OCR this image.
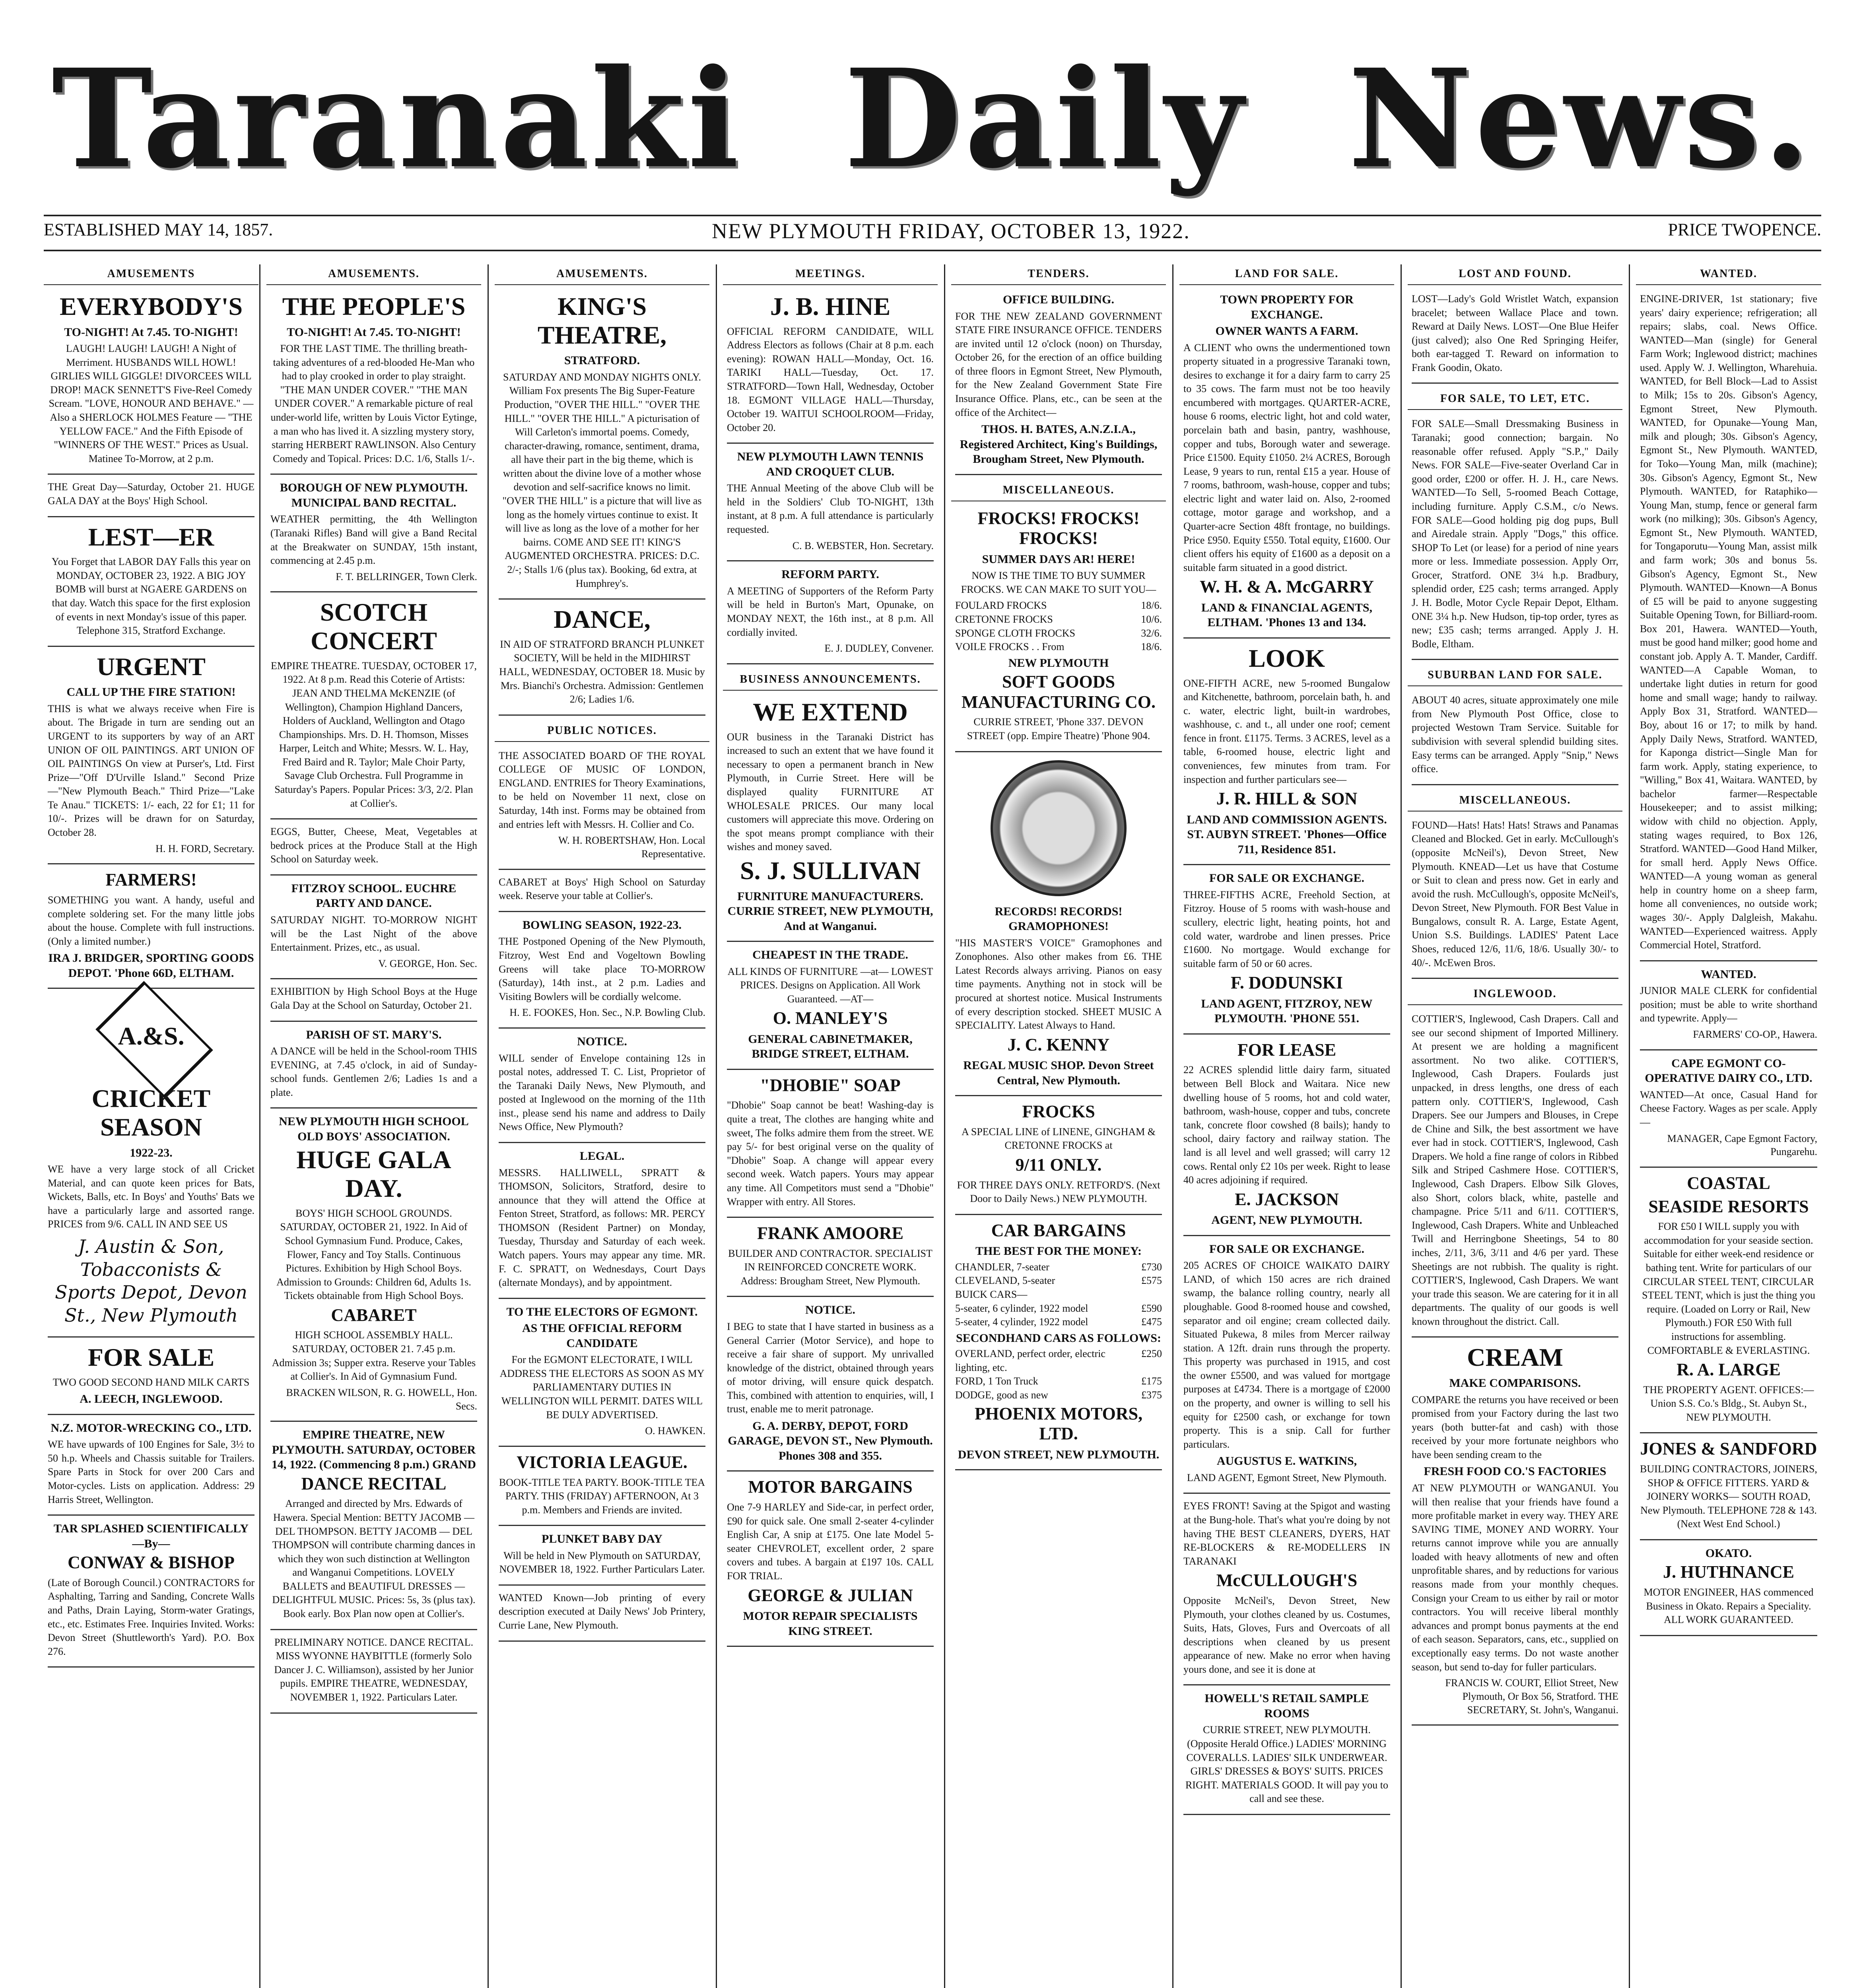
Taranaki Daily News.
ESTABLISHED MAY 14, 1857.	NEW PLYMOUTH FRIDAY, OCTOBER 13, 1922.	PRICE TWOPENCE.
AMUSEMENTS
EVERYBODY'S
TO-NIGHT! At 7.45. TO-NIGHT!

LAUGH! LAUGH! LAUGH! A Night of Merriment. HUSBANDS WILL HOWL! GIRLIES WILL GIGGLE! DIVORCEES WILL DROP! MACK SENNETT'S Five-Reel Comedy Scream. "LOVE, HONOUR AND BEHAVE." — Also a SHERLOCK HOLMES Feature — "THE YELLOW FACE." And the Fifth Episode of "WINNERS OF THE WEST." Prices as Usual. Matinee To-Morrow, at 2 p.m.

THE Great Day—Saturday, October 21. HUGE GALA DAY at the Boys' High School.

LEST—ER

You Forget that LABOR DAY Falls this year on MONDAY, OCTOBER 23, 1922. A BIG JOY BOMB will burst at NGAERE GARDENS on that day. Watch this space for the first explosion of events in next Monday's issue of this paper. Telephone 315, Stratford Exchange.

URGENT
CALL UP THE FIRE STATION!

THIS is what we always receive when Fire is about. The Brigade in turn are sending out an URGENT to its supporters by way of an ART UNION OF OIL PAINTINGS. ART UNION OF OIL PAINTINGS On view at Purser's, Ltd. First Prize—"Off D'Urville Island." Second Prize—"New Plymouth Beach." Third Prize—"Lake Te Anau." TICKETS: 1/- each, 22 for £1; 11 for 10/-. Prizes will be drawn for on Saturday, October 28.

H. H. FORD, Secretary.
FARMERS!

SOMETHING you want. A handy, useful and complete soldering set. For the many little jobs about the house. Complete with full instructions. (Only a limited number.)

IRA J. BRIDGER, SPORTING GOODS DEPOT. 'Phone 66D, ELTHAM.
A.&S.
CRICKET SEASON
1922-23.

WE have a very large stock of all Cricket Material, and can quote keen prices for Bats, Wickets, Balls, etc. In Boys' and Youths' Bats we have a particularly large and assorted range. PRICES from 9/6. CALL IN AND SEE US

J. Austin & Son, Tobacconists & Sports Depot, Devon St., New Plymouth
FOR SALE

TWO GOOD SECOND HAND MILK CARTS

A. LEECH, INGLEWOOD.
N.Z. MOTOR-WRECKING CO., LTD.

WE have upwards of 100 Engines for Sale, 3½ to 50 h.p. Wheels and Chassis suitable for Trailers. Spare Parts in Stock for over 200 Cars and Motor-cycles. Lists on application. Address: 29 Harris Street, Wellington.

TAR SPLASHED SCIENTIFICALLY —By—
CONWAY & BISHOP

(Late of Borough Council.) CONTRACTORS for Asphalting, Tarring and Sanding, Concrete Walls and Paths, Drain Laying, Storm-water Gratings, etc., etc. Estimates Free. Inquiries Invited. Works: Devon Street (Shuttleworth's Yard). P.O. Box 276.

AMUSEMENTS.
THE PEOPLE'S
TO-NIGHT! At 7.45. TO-NIGHT!

FOR THE LAST TIME. The thrilling breath-taking adventures of a red-blooded He-Man who had to play crooked in order to play straight. "THE MAN UNDER COVER." "THE MAN UNDER COVER." A remarkable picture of real under-world life, written by Louis Victor Eytinge, a man who has lived it. A sizzling mystery story, starring HERBERT RAWLINSON. Also Century Comedy and Topical. Prices: D.C. 1/6, Stalls 1/-.

BOROUGH OF NEW PLYMOUTH. MUNICIPAL BAND RECITAL.

WEATHER permitting, the 4th Wellington (Taranaki Rifles) Band will give a Band Recital at the Breakwater on SUNDAY, 15th instant, commencing at 2.45 p.m.

F. T. BELLRINGER, Town Clerk.
SCOTCH CONCERT

EMPIRE THEATRE. TUESDAY, OCTOBER 17, 1922. At 8 p.m. Read this Coterie of Artists: JEAN AND THELMA McKENZIE (of Wellington), Champion Highland Dancers, Holders of Auckland, Wellington and Otago Championships. Mrs. D. H. Thomson, Misses Harper, Leitch and White; Messrs. W. L. Hay, Fred Baird and R. Taylor; Male Choir Party, Savage Club Orchestra. Full Programme in Saturday's Papers. Popular Prices: 3/3, 2/2. Plan at Collier's.

EGGS, Butter, Cheese, Meat, Vegetables at bedrock prices at the Produce Stall at the High School on Saturday week.

FITZROY SCHOOL. EUCHRE PARTY AND DANCE.

SATURDAY NIGHT. TO-MORROW NIGHT will be the Last Night of the above Entertainment. Prizes, etc., as usual.

V. GEORGE, Hon. Sec.

EXHIBITION by High School Boys at the Huge Gala Day at the School on Saturday, October 21.

PARISH OF ST. MARY'S.

A DANCE will be held in the School-room THIS EVENING, at 7.45 o'clock, in aid of Sunday-school funds. Gentlemen 2/6; Ladies 1s and a plate.

NEW PLYMOUTH HIGH SCHOOL OLD BOYS' ASSOCIATION.
HUGE GALA DAY.

BOYS' HIGH SCHOOL GROUNDS. SATURDAY, OCTOBER 21, 1922. In Aid of School Gymnasium Fund. Produce, Cakes, Flower, Fancy and Toy Stalls. Continuous Pictures. Exhibition by High School Boys. Admission to Grounds: Children 6d, Adults 1s. Tickets obtainable from High School Boys.

CABARET

HIGH SCHOOL ASSEMBLY HALL. SATURDAY, OCTOBER 21. 7.45 p.m. Admission 3s; Supper extra. Reserve your Tables at Collier's. In Aid of Gymnasium Fund.

BRACKEN WILSON, R. G. HOWELL, Hon. Secs.
EMPIRE THEATRE, NEW PLYMOUTH. SATURDAY, OCTOBER 14, 1922. (Commencing 8 p.m.) GRAND
DANCE RECITAL

Arranged and directed by Mrs. Edwards of Hawera. Special Mention: BETTY JACOMB — DEL THOMPSON. BETTY JACOMB — DEL THOMPSON will contribute charming dances in which they won such distinction at Wellington and Wanganui Competitions. LOVELY BALLETS and BEAUTIFUL DRESSES — DELIGHTFUL MUSIC. Prices: 5s, 3s (plus tax). Book early. Box Plan now open at Collier's.

PRELIMINARY NOTICE. DANCE RECITAL. MISS WYONNE HAYBITTLE (formerly Solo Dancer J. C. Williamson), assisted by her Junior pupils. EMPIRE THEATRE, WEDNESDAY, NOVEMBER 1, 1922. Particulars Later.

AMUSEMENTS.
KING'S THEATRE,
STRATFORD.

SATURDAY AND MONDAY NIGHTS ONLY. William Fox presents The Big Super-Feature Production, "OVER THE HILL." "OVER THE HILL." "OVER THE HILL." A picturisation of Will Carleton's immortal poems. Comedy, character-drawing, romance, sentiment, drama, all have their part in the big theme, which is written about the divine love of a mother whose devotion and self-sacrifice knows no limit. "OVER THE HILL" is a picture that will live as long as the homely virtues continue to exist. It will live as long as the love of a mother for her bairns. COME AND SEE IT! KING'S AUGMENTED ORCHESTRA. PRICES: D.C. 2/-; Stalls 1/6 (plus tax). Booking, 6d extra, at Humphrey's.

DANCE,

IN AID OF STRATFORD BRANCH PLUNKET SOCIETY, Will be held in the MIDHIRST HALL, WEDNESDAY, OCTOBER 18. Music by Mrs. Bianchi's Orchestra. Admission: Gentlemen 2/6; Ladies 1/6.

PUBLIC NOTICES.

THE ASSOCIATED BOARD OF THE ROYAL COLLEGE OF MUSIC OF LONDON, ENGLAND. ENTRIES for Theory Examinations, to be held on November 11 next, close on Saturday, 14th inst. Forms may be obtained from and entries left with Messrs. H. Collier and Co.

W. H. ROBERTSHAW, Hon. Local Representative.

CABARET at Boys' High School on Saturday week. Reserve your table at Collier's.

BOWLING SEASON, 1922-23.

THE Postponed Opening of the New Plymouth, Fitzroy, West End and Vogeltown Bowling Greens will take place TO-MORROW (Saturday), 14th inst., at 2 p.m. Ladies and Visiting Bowlers will be cordially welcome.

H. E. FOOKES, Hon. Sec., N.P. Bowling Club.
NOTICE.

WILL sender of Envelope containing 12s in postal notes, addressed T. C. List, Proprietor of the Taranaki Daily News, New Plymouth, and posted at Inglewood on the morning of the 11th inst., please send his name and address to Daily News Office, New Plymouth?

LEGAL.

MESSRS. HALLIWELL, SPRATT & THOMSON, Solicitors, Stratford, desire to announce that they will attend the Office at Fenton Street, Stratford, as follows: MR. PERCY THOMSON (Resident Partner) on Monday, Tuesday, Thursday and Saturday of each week. Watch papers. Yours may appear any time. MR. F. C. SPRATT, on Wednesdays, Court Days (alternate Mondays), and by appointment.

TO THE ELECTORS OF EGMONT.
AS THE OFFICIAL REFORM CANDIDATE

For the EGMONT ELECTORATE, I WILL ADDRESS THE ELECTORS AS SOON AS MY PARLIAMENTARY DUTIES IN WELLINGTON WILL PERMIT. DATES WILL BE DULY ADVERTISED.

O. HAWKEN.
VICTORIA LEAGUE.

BOOK-TITLE TEA PARTY. BOOK-TITLE TEA PARTY. THIS (FRIDAY) AFTERNOON, At 3 p.m. Members and Friends are invited.

PLUNKET BABY DAY

Will be held in New Plymouth on SATURDAY, NOVEMBER 18, 1922. Further Particulars Later.

WANTED Known—Job printing of every description executed at Daily News' Job Printery, Currie Lane, New Plymouth.

MEETINGS.
J. B. HINE

OFFICIAL REFORM CANDIDATE, WILL Address Electors as follows (Chair at 8 p.m. each evening): ROWAN HALL—Monday, Oct. 16. TARIKI HALL—Tuesday, Oct. 17. STRATFORD—Town Hall, Wednesday, October 18. EGMONT VILLAGE HALL—Thursday, October 19. WAITUI SCHOOLROOM—Friday, October 20.

NEW PLYMOUTH LAWN TENNIS AND CROQUET CLUB.

THE Annual Meeting of the above Club will be held in the Soldiers' Club TO-NIGHT, 13th instant, at 8 p.m. A full attendance is particularly requested.

C. B. WEBSTER, Hon. Secretary.
REFORM PARTY.

A MEETING of Supporters of the Reform Party will be held in Burton's Mart, Opunake, on MONDAY NEXT, the 16th inst., at 8 p.m. All cordially invited.

E. J. DUDLEY, Convener.
BUSINESS ANNOUNCEMENTS.
WE EXTEND

OUR business in the Taranaki District has increased to such an extent that we have found it necessary to open a permanent branch in New Plymouth, in Currie Street. Here will be displayed quality FURNITURE AT WHOLESALE PRICES. Our many local customers will appreciate this move. Ordering on the spot means prompt compliance with their wishes and money saved.

S. J. SULLIVAN
FURNITURE MANUFACTURERS. CURRIE STREET, NEW PLYMOUTH, And at Wanganui.
CHEAPEST IN THE TRADE.

ALL KINDS OF FURNITURE —at— LOWEST PRICES. Designs on Application. All Work Guaranteed. —AT—

O. MANLEY'S
GENERAL CABINETMAKER, BRIDGE STREET, ELTHAM.
"DHOBIE" SOAP

"Dhobie" Soap cannot be beat! Washing-day is quite a treat, The clothes are hanging white and sweet, The folks admire them from the street. WE pay 5/- for best original verse on the quality of "Dhobie" Soap. A change will appear every second week. Watch papers. Yours may appear any time. All Competitors must send a "Dhobie" Wrapper with entry. All Stores.

FRANK AMOORE

BUILDER AND CONTRACTOR. SPECIALIST IN REINFORCED CONCRETE WORK. Address: Brougham Street, New Plymouth.

NOTICE.

I BEG to state that I have started in business as a General Carrier (Motor Service), and hope to receive a fair share of support. My unrivalled knowledge of the district, obtained through years of motor driving, will ensure quick despatch. This, combined with attention to enquiries, will, I trust, enable me to merit patronage.

G. A. DERBY, DEPOT, FORD GARAGE, DEVON ST., New Plymouth. Phones 308 and 355.
MOTOR BARGAINS

One 7-9 HARLEY and Side-car, in perfect order, £90 for quick sale. One small 2-seater 4-cylinder English Car, A snip at £175. One late Model 5-seater CHEVROLET, excellent order, 2 spare covers and tubes. A bargain at £197 10s. CALL FOR TRIAL.

GEORGE & JULIAN
MOTOR REPAIR SPECIALISTS KING STREET.
TENDERS.
OFFICE BUILDING.

FOR THE NEW ZEALAND GOVERNMENT STATE FIRE INSURANCE OFFICE. TENDERS are invited until 12 o'clock (noon) on Thursday, October 26, for the erection of an office building of three floors in Egmont Street, New Plymouth, for the New Zealand Government State Fire Insurance Office. Plans, etc., can be seen at the office of the Architect—

THOS. H. BATES, A.N.Z.I.A., Registered Architect, King's Buildings, Brougham Street, New Plymouth.
MISCELLANEOUS.
FROCKS! FROCKS! FROCKS!
SUMMER DAYS AR! HERE!

NOW IS THE TIME TO BUY SUMMER FROCKS. WE CAN MAKE TO SUIT YOU—

FOULARD FROCKS	18/6.
CRETONNE FROCKS	10/6.
SPONGE CLOTH FROCKS	32/6.
VOILE FROCKS . . From	18/6.
NEW PLYMOUTH
SOFT GOODS MANUFACTURING CO.

CURRIE STREET, 'Phone 337. DEVON STREET (opp. Empire Theatre) 'Phone 904.

RECORDS! RECORDS! GRAMOPHONES!

"HIS MASTER'S VOICE" Gramophones and Zonophones. Also other makes from £6. THE Latest Records always arriving. Pianos on easy time payments. Anything not in stock will be procured at shortest notice. Musical Instruments of every description stocked. SHEET MUSIC A SPECIALITY. Latest Always to Hand.

J. C. KENNY
REGAL MUSIC SHOP. Devon Street Central, New Plymouth.
FROCKS

A SPECIAL LINE of LINENE, GINGHAM & CRETONNE FROCKS at

9/11 ONLY.

FOR THREE DAYS ONLY. RETFORD'S. (Next Door to Daily News.) NEW PLYMOUTH.

CAR BARGAINS
THE BEST FOR THE MONEY:
CHANDLER, 7-seater	£730
CLEVELAND, 5-seater	£575
BUICK CARS—
5-seater, 6 cylinder, 1922 model	£590
5-seater, 4 cylinder, 1922 model	£475
SECONDHAND CARS AS FOLLOWS:
OVERLAND, perfect order, electric lighting, etc.
£250
FORD, 1 Ton Truck	£175
DODGE, good as new	£375
PHOENIX MOTORS, LTD.
DEVON STREET, NEW PLYMOUTH.
LAND FOR SALE.
TOWN PROPERTY FOR EXCHANGE.
OWNER WANTS A FARM.

A CLIENT who owns the undermentioned town property situated in a progressive Taranaki town, desires to exchange it for a dairy farm to carry 25 to 35 cows. The farm must not be too heavily encumbered with mortgages. QUARTER-ACRE, house 6 rooms, electric light, hot and cold water, porcelain bath and basin, pantry, washhouse, copper and tubs, Borough water and sewerage. Price £1500. Equity £1050. 2¼ ACRES, Borough Lease, 9 years to run, rental £15 a year. House of 7 rooms, bathroom, wash-house, copper and tubs; electric light and water laid on. Also, 2-roomed cottage, motor garage and workshop, and a Quarter-acre Section 48ft frontage, no buildings. Price £950. Equity £550. Total equity, £1600. Our client offers his equity of £1600 as a deposit on a suitable farm situated in a good district.

W. H. & A. McGARRY
LAND & FINANCIAL AGENTS, ELTHAM. 'Phones 13 and 134.
LOOK

ONE-FIFTH ACRE, new 5-roomed Bungalow and Kitchenette, bathroom, porcelain bath, h. and c. water, electric light, built-in wardrobes, washhouse, c. and t., all under one roof; cement fence in front. £1175. Terms. 3 ACRES, level as a table, 6-roomed house, electric light and conveniences, few minutes from tram. For inspection and further particulars see—

J. R. HILL & SON
LAND AND COMMISSION AGENTS. ST. AUBYN STREET. 'Phones—Office 711, Residence 851.
FOR SALE OR EXCHANGE.

THREE-FIFTHS ACRE, Freehold Section, at Fitzroy. House of 5 rooms with wash-house and scullery, electric light, heating points, hot and cold water, wardrobe and linen presses. Price £1600. No mortgage. Would exchange for suitable farm of 50 or 60 acres.

F. DODUNSKI
LAND AGENT, FITZROY, NEW PLYMOUTH. 'PHONE 551.
FOR LEASE

22 ACRES splendid little dairy farm, situated between Bell Block and Waitara. Nice new dwelling house of 5 rooms, hot and cold water, bathroom, wash-house, copper and tubs, concrete tank, concrete floor cowshed (8 bails); handy to school, dairy factory and railway station. The land is all level and well grassed; will carry 12 cows. Rental only £2 10s per week. Right to lease 40 acres adjoining if required.

E. JACKSON
AGENT, NEW PLYMOUTH.
FOR SALE OR EXCHANGE.

205 ACRES OF CHOICE WAIKATO DAIRY LAND, of which 150 acres are rich drained swamp, the balance rolling country, nearly all ploughable. Good 8-roomed house and cowshed, separator and oil engine; cream collected daily. Situated Pukewa, 8 miles from Mercer railway station. A 12ft. drain runs through the property. This property was purchased in 1915, and cost the owner £5500, and was valued for mortgage purposes at £4734. There is a mortgage of £2000 on the property, and owner is willing to sell his equity for £2500 cash, or exchange for town property. This is a snip. Call for further particulars.

AUGUSTUS E. WATKINS,

LAND AGENT, Egmont Street, New Plymouth.

EYES FRONT! Saving at the Spigot and wasting at the Bung-hole. That's what you're doing by not having THE BEST CLEANERS, DYERS, HAT RE-BLOCKERS & RE-MODELLERS IN TARANAKI

McCULLOUGH'S

Opposite McNeil's, Devon Street, New Plymouth, your clothes cleaned by us. Costumes, Suits, Hats, Gloves, Furs and Overcoats of all descriptions when cleaned by us present appearance of new. Make no error when having yours done, and see it is done at

HOWELL'S RETAIL SAMPLE ROOMS

CURRIE STREET, NEW PLYMOUTH. (Opposite Herald Office.) LADIES' MORNING COVERALLS. LADIES' SILK UNDERWEAR. GIRLS' DRESSES & BOYS' SUITS. PRICES RIGHT. MATERIALS GOOD. It will pay you to call and see these.

LOST AND FOUND.

LOST—Lady's Gold Wristlet Watch, expansion bracelet; between Wallace Place and town. Reward at Daily News. LOST—One Blue Heifer (just calved); also One Red Springing Heifer, both ear-tagged T. Reward on information to Frank Goodin, Okato.

FOR SALE, TO LET, ETC.

FOR SALE—Small Dressmaking Business in Taranaki; good connection; bargain. No reasonable offer refused. Apply "S.P.," Daily News. FOR SALE—Five-seater Overland Car in good order, £200 or offer. H. J. H., care News. WANTED—To Sell, 5-roomed Beach Cottage, including furniture. Apply C.S.M., c/o News. FOR SALE—Good holding pig dog pups, Bull and Airedale strain. Apply "Dogs," this office. SHOP To Let (or lease) for a period of nine years more or less. Immediate possession. Apply Orr, Grocer, Stratford. ONE 3¼ h.p. Bradbury, splendid order, £25 cash; terms arranged. Apply J. H. Bodle, Motor Cycle Repair Depot, Eltham. ONE 3¼ h.p. New Hudson, tip-top order, tyres as new; £35 cash; terms arranged. Apply J. H. Bodle, Eltham.

SUBURBAN LAND FOR SALE.

ABOUT 40 acres, situate approximately one mile from New Plymouth Post Office, close to projected Westown Tram Service. Suitable for subdivision with several splendid building sites. Easy terms can be arranged. Apply "Snip," News office.

MISCELLANEOUS.

FOUND—Hats! Hats! Hats! Straws and Panamas Cleaned and Blocked. Get in early. McCullough's (opposite McNeil's), Devon Street, New Plymouth. KNEAD—Let us have that Costume or Suit to clean and press now. Get in early and avoid the rush. McCullough's, opposite McNeil's, Devon Street, New Plymouth. FOR Best Value in Bungalows, consult R. A. Large, Estate Agent, Union S.S. Buildings. LADIES' Patent Lace Shoes, reduced 12/6, 11/6, 18/6. Usually 30/- to 40/-. McEwen Bros.

INGLEWOOD.

COTTIER'S, Inglewood, Cash Drapers. Call and see our second shipment of Imported Millinery. At present we are holding a magnificent assortment. No two alike. COTTIER'S, Inglewood, Cash Drapers. Foulards just unpacked, in dress lengths, one dress of each pattern only. COTTIER'S, Inglewood, Cash Drapers. See our Jumpers and Blouses, in Crepe de Chine and Silk, the best assortment we have ever had in stock. COTTIER'S, Inglewood, Cash Drapers. We hold a fine range of colors in Ribbed Silk and Striped Cashmere Hose. COTTIER'S, Inglewood, Cash Drapers. Elbow Silk Gloves, also Short, colors black, white, pastelle and champagne. Price 5/11 and 6/11. COTTIER'S, Inglewood, Cash Drapers. White and Unbleached Twill and Herringbone Sheetings, 54 to 80 inches, 2/11, 3/6, 3/11 and 4/6 per yard. These Sheetings are not rubbish. The quality is right. COTTIER'S, Inglewood, Cash Drapers. We want your trade this season. We are catering for it in all departments. The quality of our goods is well known throughout the district. Call.

CREAM
MAKE COMPARISONS.

COMPARE the returns you have received or been promised from your Factory during the last two years (both butter-fat and cash) with those received by your more fortunate neighbors who have been sending cream to the

FRESH FOOD CO.'S FACTORIES

AT NEW PLYMOUTH or WANGANUI. You will then realise that your friends have found a more profitable market in every way. THEY ARE SAVING TIME, MONEY AND WORRY. Your returns cannot improve while you are annually loaded with heavy allotments of new and often unprofitable shares, and by reductions for various reasons made from your monthly cheques. Consign your Cream to us either by rail or motor contractors. You will receive liberal monthly advances and prompt bonus payments at the end of each season. Separators, cans, etc., supplied on exceptionally easy terms. Do not waste another season, but send to-day for fuller particulars.

FRANCIS W. COURT, Elliot Street, New Plymouth, Or Box 56, Stratford. THE SECRETARY, St. John's, Wanganui.
WANTED.

ENGINE-DRIVER, 1st stationary; five years' dairy experience; refrigeration; all repairs; slabs, coal. News Office. WANTED—Man (single) for General Farm Work; Inglewood district; machines used. Apply W. J. Wellington, Wharehuia. WANTED, for Bell Block—Lad to Assist to Milk; 15s to 20s. Gibson's Agency, Egmont Street, New Plymouth. WANTED, for Opunake—Young Man, milk and plough; 30s. Gibson's Agency, Egmont St., New Plymouth. WANTED, for Toko—Young Man, milk (machine); 30s. Gibson's Agency, Egmont St., New Plymouth. WANTED, for Rataphiko—Young Man, stump, fence or general farm work (no milking); 30s. Gibson's Agency, Egmont St., New Plymouth. WANTED, for Tongaporutu—Young Man, assist milk and farm work; 30s and bonus 5s. Gibson's Agency, Egmont St., New Plymouth. WANTED—Known—A Bonus of £5 will be paid to anyone suggesting Suitable Opening Town, for Billiard-room. Box 201, Hawera. WANTED—Youth, must be good hand milker; good home and constant job. Apply A. T. Mander, Cardiff. WANTED—A Capable Woman, to undertake light duties in return for good home and small wage; handy to railway. Apply Box 31, Stratford. WANTED—Boy, about 16 or 17; to milk by hand. Apply Daily News, Stratford. WANTED, for Kaponga district—Single Man for farm work. Apply, stating experience, to "Willing," Box 41, Waitara. WANTED, by bachelor farmer—Respectable Housekeeper; and to assist milking; widow with child no objection. Apply, stating wages required, to Box 126, Stratford. WANTED—Good Hand Milker, for small herd. Apply News Office. WANTED—A young woman as general help in country home on a sheep farm, home all conveniences, no outside work; wages 30/-. Apply Dalgleish, Makahu. WANTED—Experienced waitress. Apply Commercial Hotel, Stratford.

WANTED.

JUNIOR MALE CLERK for confidential position; must be able to write shorthand and typewrite. Apply—

FARMERS' CO-OP., Hawera.
CAPE EGMONT CO-OPERATIVE DAIRY CO., LTD.

WANTED—At once, Casual Hand for Cheese Factory. Wages as per scale. Apply—

MANAGER, Cape Egmont Factory, Pungarehu.
COASTAL
SEASIDE RESORTS

FOR £50 I WILL supply you with accommodation for your seaside section. Suitable for either week-end residence or bathing tent. Write for particulars of our CIRCULAR STEEL TENT, CIRCULAR STEEL TENT, which is just the thing you require. (Loaded on Lorry or Rail, New Plymouth.) FOR £50 With full instructions for assembling. COMFORTABLE & EVERLASTING.

R. A. LARGE

THE PROPERTY AGENT. OFFICES:— Union S.S. Co.'s Bldg., St. Aubyn St., NEW PLYMOUTH.

JONES & SANDFORD

BUILDING CONTRACTORS, JOINERS, SHOP & OFFICE FITTERS. YARD & JOINERY WORKS— SOUTH ROAD, New Plymouth. TELEPHONE 728 & 143. (Next West End School.)

OKATO.
J. HUTHNANCE

MOTOR ENGINEER, HAS commenced Business in Okato. Repairs a Speciality. ALL WORK GUARANTEED.
